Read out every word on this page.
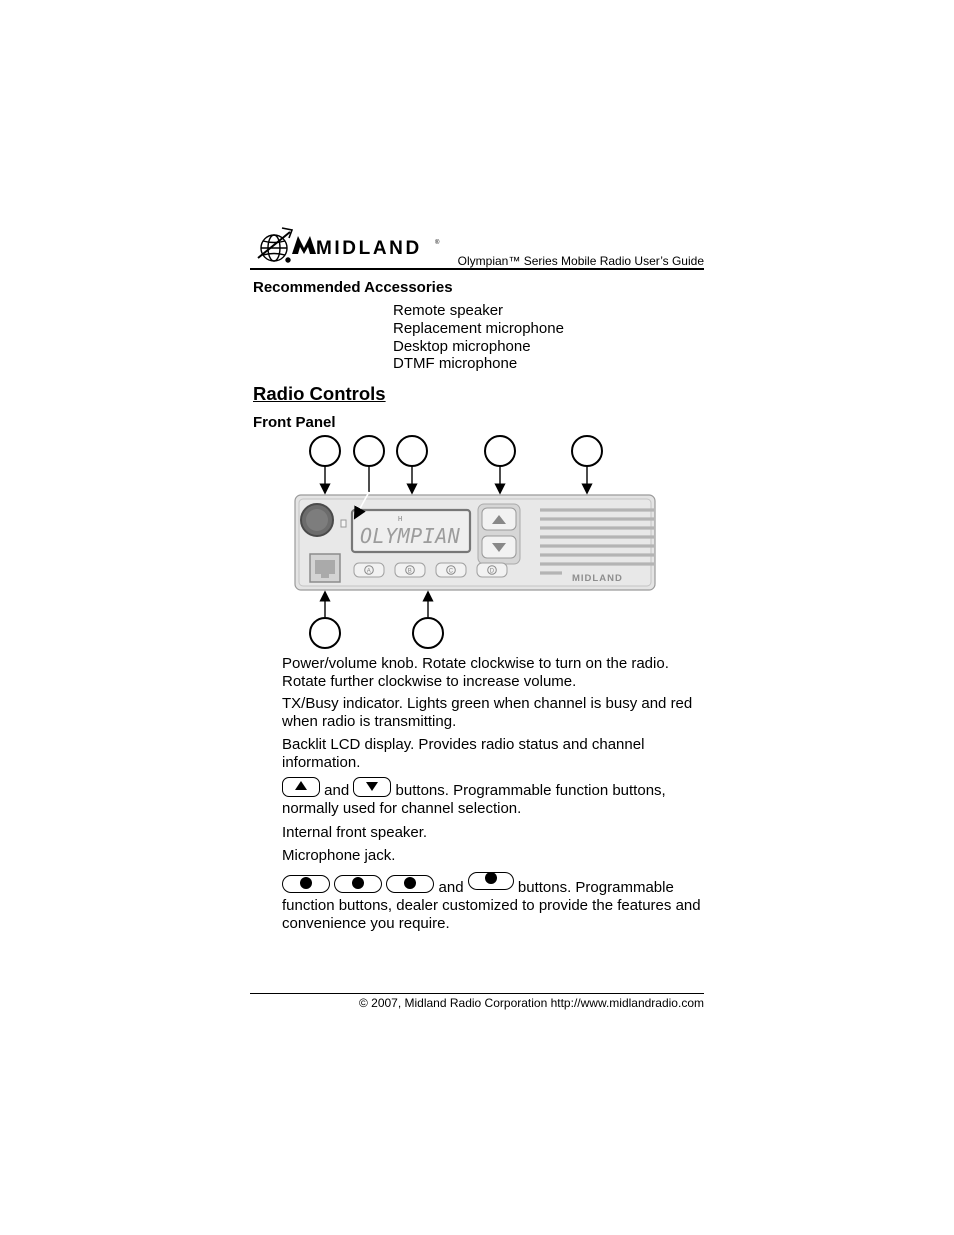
MIDLAND ®
Olympian™ Series Mobile Radio User’s Guide
Recommended Accessories
Remote speaker
Replacement microphone
Desktop microphone
DTMF microphone
Radio Controls
Front Panel
H
OLYMPIAN
MIDLAND
A	B	C	D
Power/volume knob. Rotate clockwise to turn on the radio. Rotate further clockwise to increase volume.
TX/Busy indicator. Lights green when channel is busy and red when radio is transmitting.
Backlit LCD display. Provides radio status and channel information.
and	buttons. Programmable function buttons, normally used for channel selection.
Internal front speaker.
Microphone jack.
and	buttons. Programmable function buttons, dealer customized to provide the features and convenience you require.
© 2007, Midland Radio Corporation http://www.midlandradio.com
